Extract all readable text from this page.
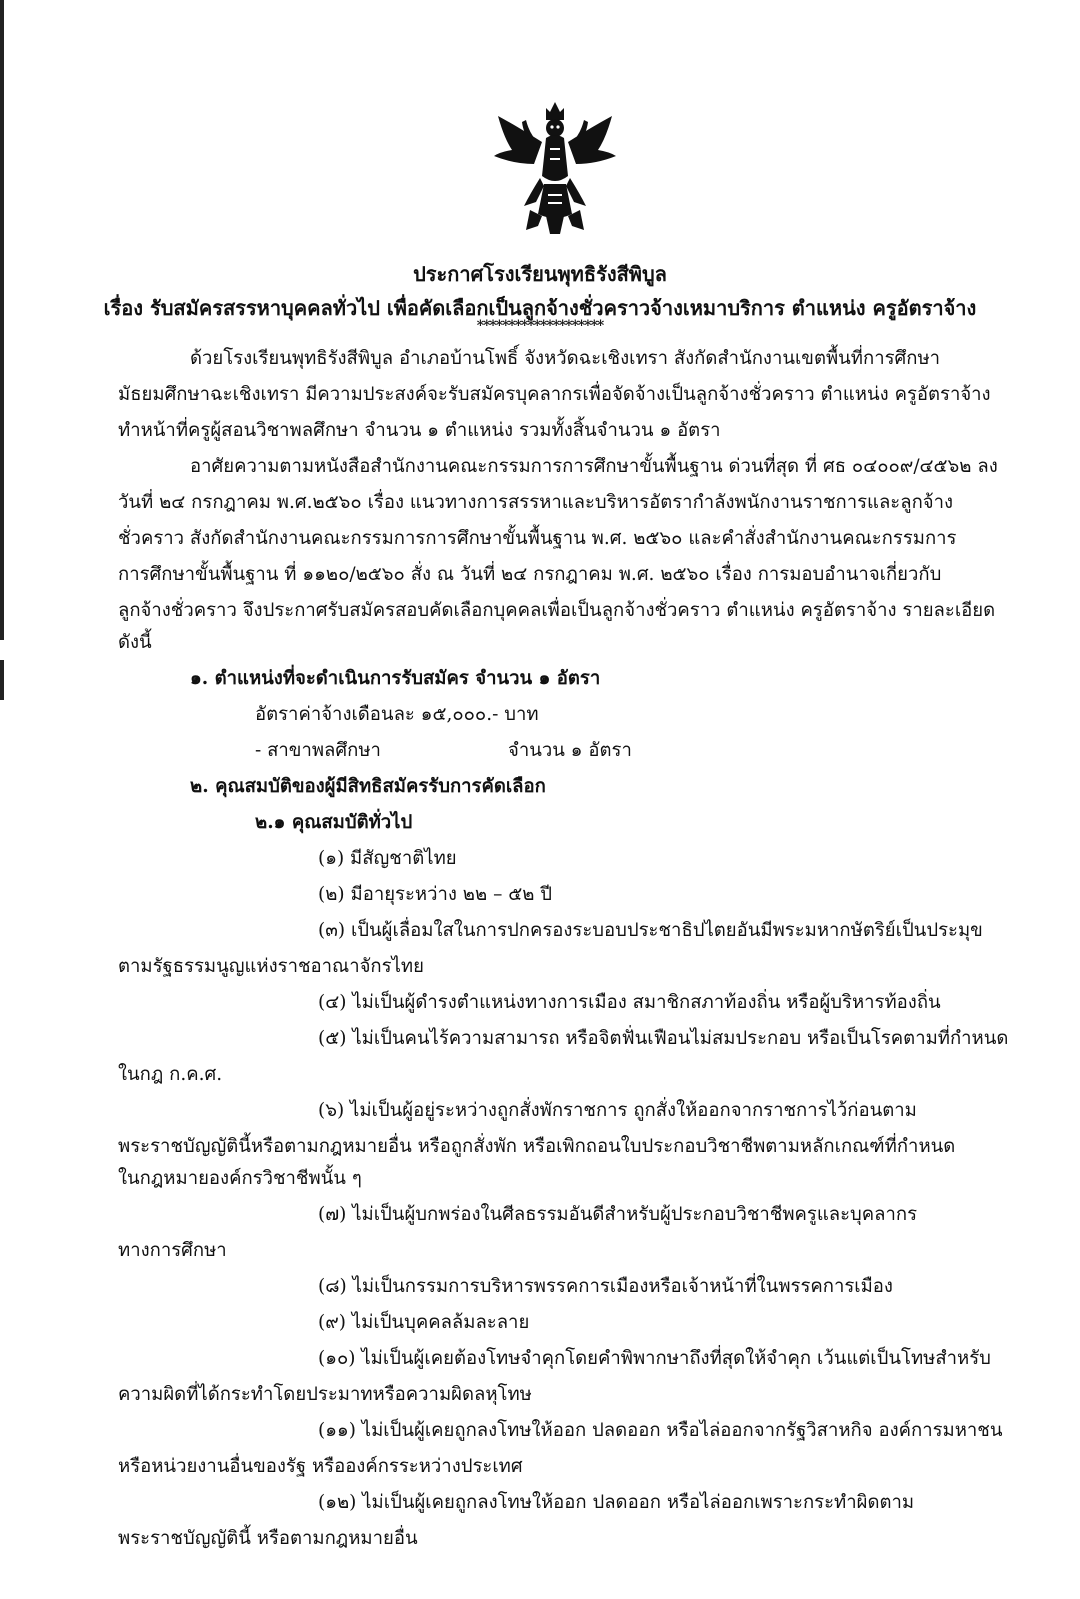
ประกาศโรงเรียนพุทธิรังสีพิบูล
เรื่อง รับสมัครสรรหาบุคคลทั่วไป เพื่อคัดเลือกเป็นลูกจ้างชั่วคราวจ้างเหมาบริการ ตำแหน่ง ครูอัตราจ้าง
********************
ด้วยโรงเรียนพุทธิรังสีพิบูล อำเภอบ้านโพธิ์ จังหวัดฉะเชิงเทรา สังกัดสำนักงานเขตพื้นที่การศึกษา
มัธยมศึกษาฉะเชิงเทรา มีความประสงค์จะรับสมัครบุคลากรเพื่อจัดจ้างเป็นลูกจ้างชั่วคราว ตำแหน่ง ครูอัตราจ้าง
ทำหน้าที่ครูผู้สอนวิชาพลศึกษา จำนวน ๑ ตำแหน่ง รวมทั้งสิ้นจำนวน ๑ อัตรา
อาศัยความตามหนังสือสำนักงานคณะกรรมการการศึกษาขั้นพื้นฐาน ด่วนที่สุด ที่ ศธ ๐๔๐๐๙/๔๕๖๒ ลง
วันที่ ๒๔ กรกฎาคม พ.ศ.๒๕๖๐ เรื่อง แนวทางการสรรหาและบริหารอัตรากำลังพนักงานราชการและลูกจ้าง
ชั่วคราว สังกัดสำนักงานคณะกรรมการการศึกษาขั้นพื้นฐาน พ.ศ. ๒๕๖๐ และคำสั่งสำนักงานคณะกรรมการ
การศึกษาขั้นพื้นฐาน ที่ ๑๑๒๐/๒๕๖๐ สั่ง ณ วันที่ ๒๔ กรกฎาคม พ.ศ. ๒๕๖๐ เรื่อง การมอบอำนาจเกี่ยวกับ
ลูกจ้างชั่วคราว จึงประกาศรับสมัครสอบคัดเลือกบุคคลเพื่อเป็นลูกจ้างชั่วคราว ตำแหน่ง ครูอัตราจ้าง รายละเอียด
ดังนี้
๑. ตำแหน่งที่จะดำเนินการรับสมัคร จำนวน ๑ อัตรา
อัตราค่าจ้างเดือนละ ๑๕,๐๐๐.- บาท
- สาขาพลศึกษา	จำนวน ๑ อัตรา
๒. คุณสมบัติของผู้มีสิทธิสมัครรับการคัดเลือก
๒.๑ คุณสมบัติทั่วไป
(๑) มีสัญชาติไทย
(๒) มีอายุระหว่าง ๒๒ – ๕๒ ปี
(๓) เป็นผู้เลื่อมใสในการปกครองระบอบประชาธิปไตยอันมีพระมหากษัตริย์เป็นประมุข
ตามรัฐธรรมนูญแห่งราชอาณาจักรไทย
(๔) ไม่เป็นผู้ดำรงตำแหน่งทางการเมือง สมาชิกสภาท้องถิ่น หรือผู้บริหารท้องถิ่น
(๕) ไม่เป็นคนไร้ความสามารถ หรือจิตฟั่นเฟือนไม่สมประกอบ หรือเป็นโรคตามที่กำหนด
ในกฎ ก.ค.ศ.
(๖) ไม่เป็นผู้อยู่ระหว่างถูกสั่งพักราชการ ถูกสั่งให้ออกจากราชการไว้ก่อนตาม
พระราชบัญญัตินี้หรือตามกฎหมายอื่น หรือถูกสั่งพัก หรือเพิกถอนใบประกอบวิชาชีพตามหลักเกณฑ์ที่กำหนด
ในกฎหมายองค์กรวิชาชีพนั้น ๆ
(๗) ไม่เป็นผู้บกพร่องในศีลธรรมอันดีสำหรับผู้ประกอบวิชาชีพครูและบุคลากร
ทางการศึกษา
(๘) ไม่เป็นกรรมการบริหารพรรคการเมืองหรือเจ้าหน้าที่ในพรรคการเมือง
(๙) ไม่เป็นบุคคลล้มละลาย
(๑๐) ไม่เป็นผู้เคยต้องโทษจำคุกโดยคำพิพากษาถึงที่สุดให้จำคุก เว้นแต่เป็นโทษสำหรับ
ความผิดที่ได้กระทำโดยประมาทหรือความผิดลหุโทษ
(๑๑) ไม่เป็นผู้เคยถูกลงโทษให้ออก ปลดออก หรือไล่ออกจากรัฐวิสาหกิจ องค์การมหาชน
หรือหน่วยงานอื่นของรัฐ หรือองค์กรระหว่างประเทศ
(๑๒) ไม่เป็นผู้เคยถูกลงโทษให้ออก ปลดออก หรือไล่ออกเพราะกระทำผิดตาม
พระราชบัญญัตินี้ หรือตามกฎหมายอื่น
